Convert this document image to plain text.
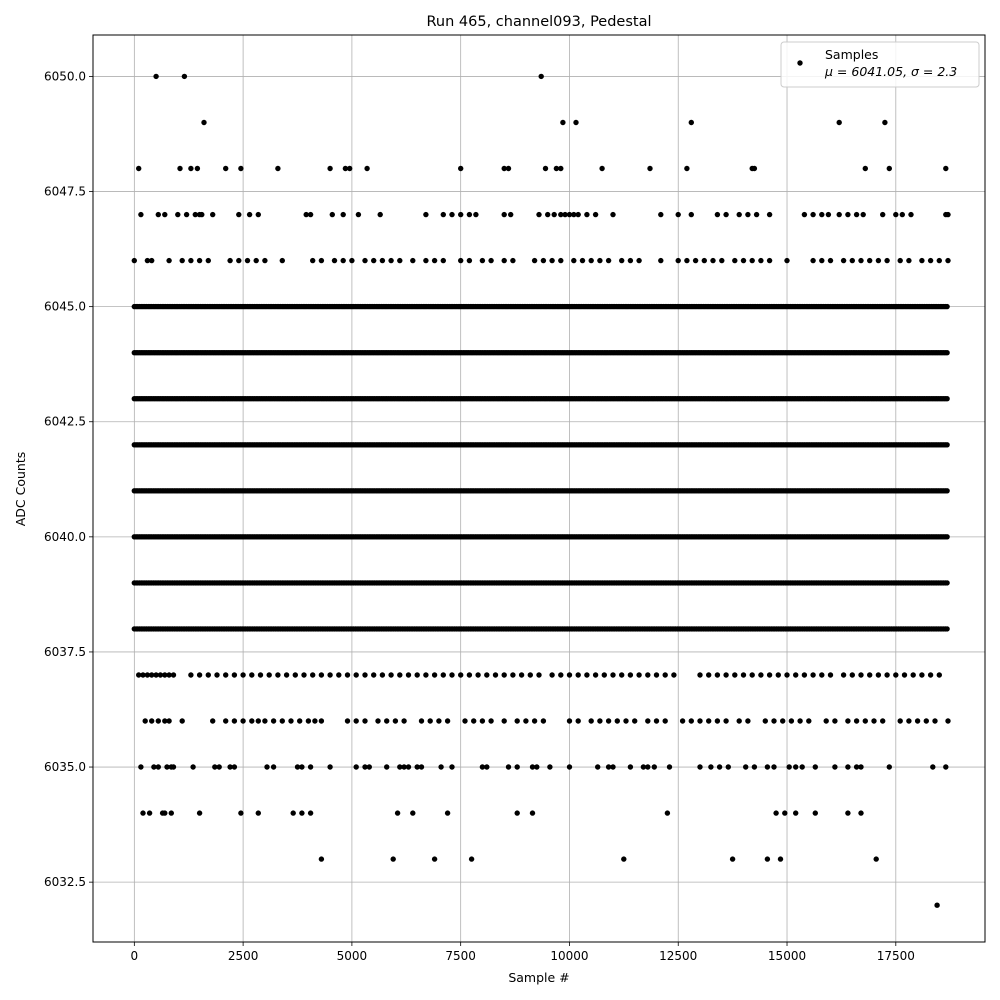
Run 465, channel093, Pedestal
0	2500	5000	7500	10000	12500	15000	17500
6032.5
6035.0
6037.5
6040.0
6042.5
6045.0
6047.5
6050.0
Sample #
ADC Counts
Samples
μ = 6041.05, σ = 2.3
